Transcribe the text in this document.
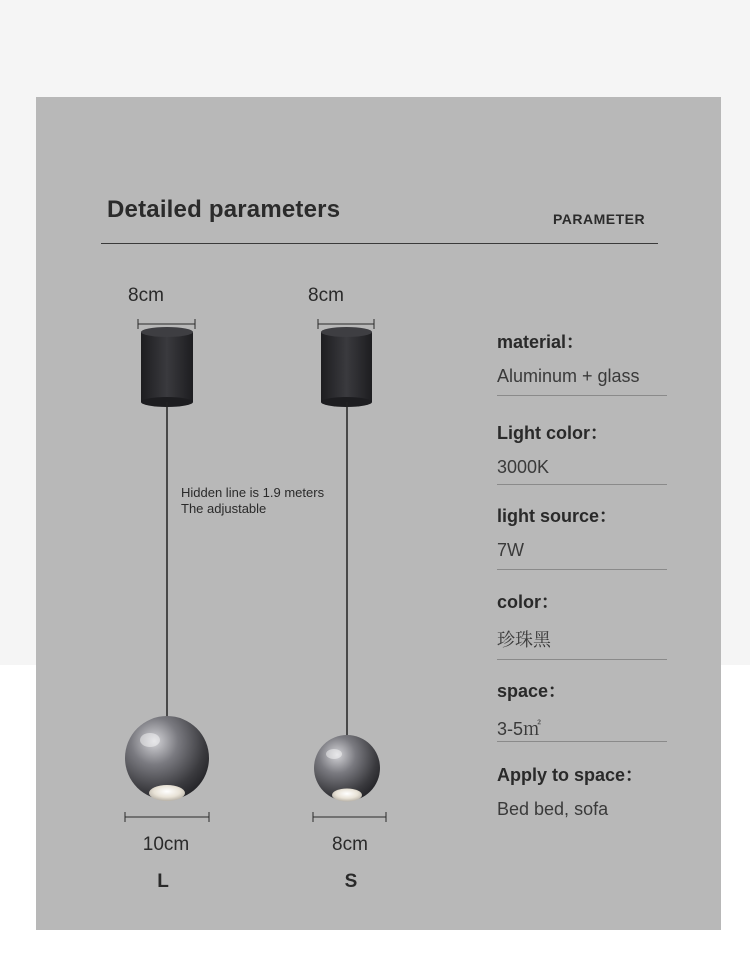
Detailed parameters	PARAMETER
8cm	8cm
10cm	8cm
L	S
Hidden line is 1.9 meters
The adjustable
material：
Aluminum + glass
Light color：
3000K
light source：
7W
color：
珍珠黑
space：
3-5㎡
Apply to space：
Bed bed, sofa
